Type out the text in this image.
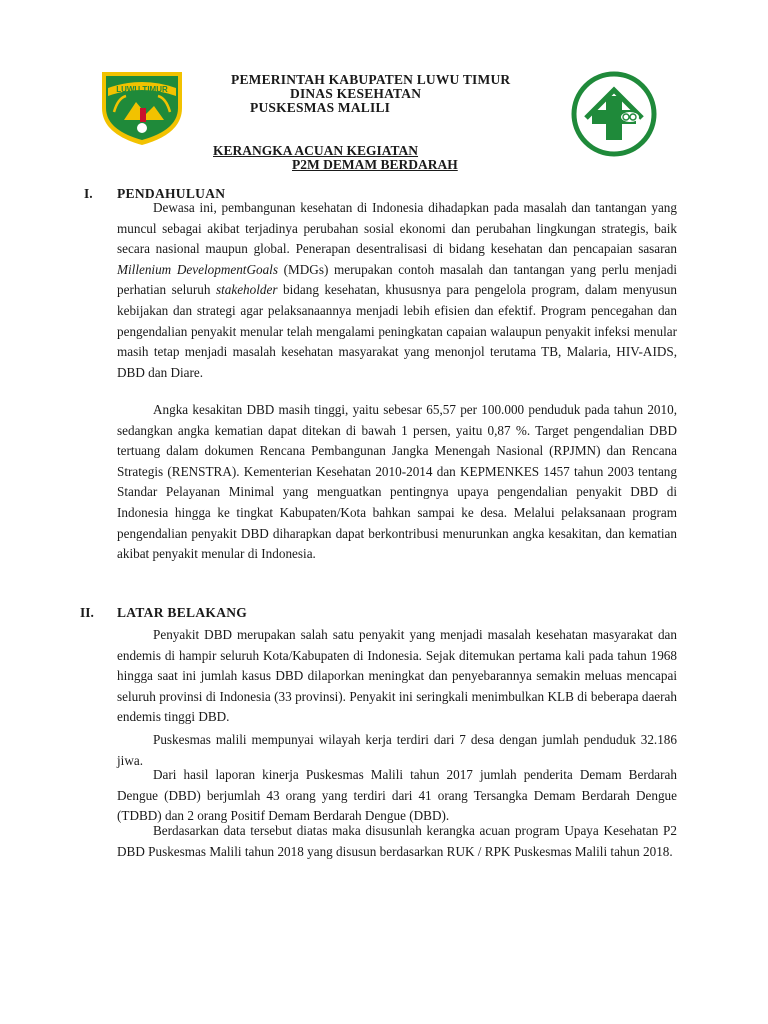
LUWU TIMUR
PEMERINTAH KABUPATEN LUWU TIMUR
DINAS KESEHATAN
PUSKESMAS MALILI
KERANGKA ACUAN KEGIATAN
P2M DEMAM BERDARAH
I. PENDAHULUAN

Dewasa ini, pembangunan kesehatan di Indonesia dihadapkan pada masalah dan tantangan yang muncul sebagai akibat terjadinya perubahan sosial ekonomi dan perubahan lingkungan strategis, baik secara nasional maupun global. Penerapan desentralisasi di bidang kesehatan dan pencapaian sasaran Millenium DevelopmentGoals (MDGs) merupakan contoh masalah dan tantangan yang perlu menjadi perhatian seluruh stakeholder bidang kesehatan, khususnya para pengelola program, dalam menyusun kebijakan dan strategi agar pelaksanaannya menjadi lebih efisien dan efektif. Program pencegahan dan pengendalian penyakit menular telah mengalami peningkatan capaian walaupun penyakit infeksi menular masih tetap menjadi masalah kesehatan masyarakat yang menonjol terutama TB, Malaria, HIV-AIDS, DBD dan Diare.

Angka kesakitan DBD masih tinggi, yaitu sebesar 65,57 per 100.000 penduduk pada tahun 2010, sedangkan angka kematian dapat ditekan di bawah 1 persen, yaitu 0,87 %. Target pengendalian DBD tertuang dalam dokumen Rencana Pembangunan Jangka Menengah Nasional (RPJMN) dan Rencana Strategis (RENSTRA). Kementerian Kesehatan 2010-2014 dan KEPMENKES 1457 tahun 2003 tentang Standar Pelayanan Minimal yang menguatkan pentingnya upaya pengendalian penyakit DBD di Indonesia hingga ke tingkat Kabupaten/Kota bahkan sampai ke desa. Melalui pelaksanaan program pengendalian penyakit DBD diharapkan dapat berkontribusi menurunkan angka kesakitan, dan kematian akibat penyakit menular di Indonesia.

II. LATAR BELAKANG

Penyakit DBD merupakan salah satu penyakit yang menjadi masalah kesehatan masyarakat dan endemis di hampir seluruh Kota/Kabupaten di Indonesia. Sejak ditemukan pertama kali pada tahun 1968 hingga saat ini jumlah kasus DBD dilaporkan meningkat dan penyebarannya semakin meluas mencapai seluruh provinsi di Indonesia (33 provinsi). Penyakit ini seringkali menimbulkan KLB di beberapa daerah endemis tinggi DBD.

Puskesmas malili mempunyai wilayah kerja terdiri dari 7 desa dengan jumlah penduduk 32.186 jiwa.

Dari hasil laporan kinerja Puskesmas Malili tahun 2017 jumlah penderita Demam Berdarah Dengue (DBD) berjumlah 43 orang yang terdiri dari 41 orang Tersangka Demam Berdarah Dengue (TDBD) dan 2 orang Positif Demam Berdarah Dengue (DBD).

Berdasarkan data tersebut diatas maka disusunlah kerangka acuan program Upaya Kesehatan P2 DBD Puskesmas Malili tahun 2018 yang disusun berdasarkan RUK / RPK Puskesmas Malili tahun 2018.
